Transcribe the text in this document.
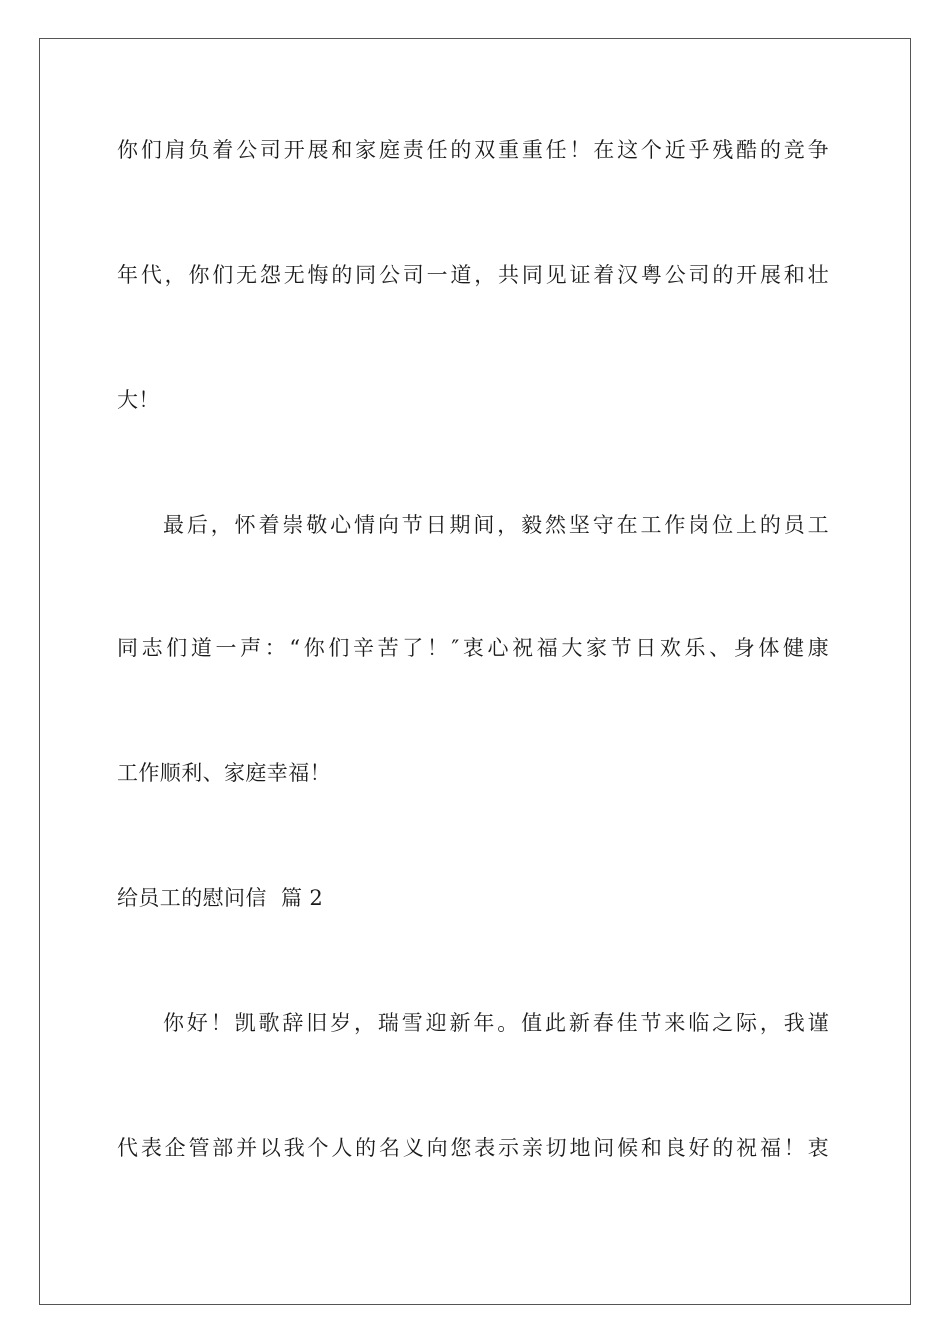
你们肩负着公司开展和家庭责任的双重重任！在这个近乎残酷的竞争
年代，你们无怨无悔的同公司一道，共同见证着汉粤公司的开展和壮
大！
最后，怀着崇敬心情向节日期间，毅然坚守在工作岗位上的员工
同志们道一声：“你们辛苦了！″衷心祝福大家节日欢乐、身体健康
工作顺利、家庭幸福！
给员工的慰问信  篇 2
你好！凯歌辞旧岁，瑞雪迎新年。值此新春佳节来临之际，我谨
代表企管部并以我个人的名义向您表示亲切地问候和良好的祝福！衷
